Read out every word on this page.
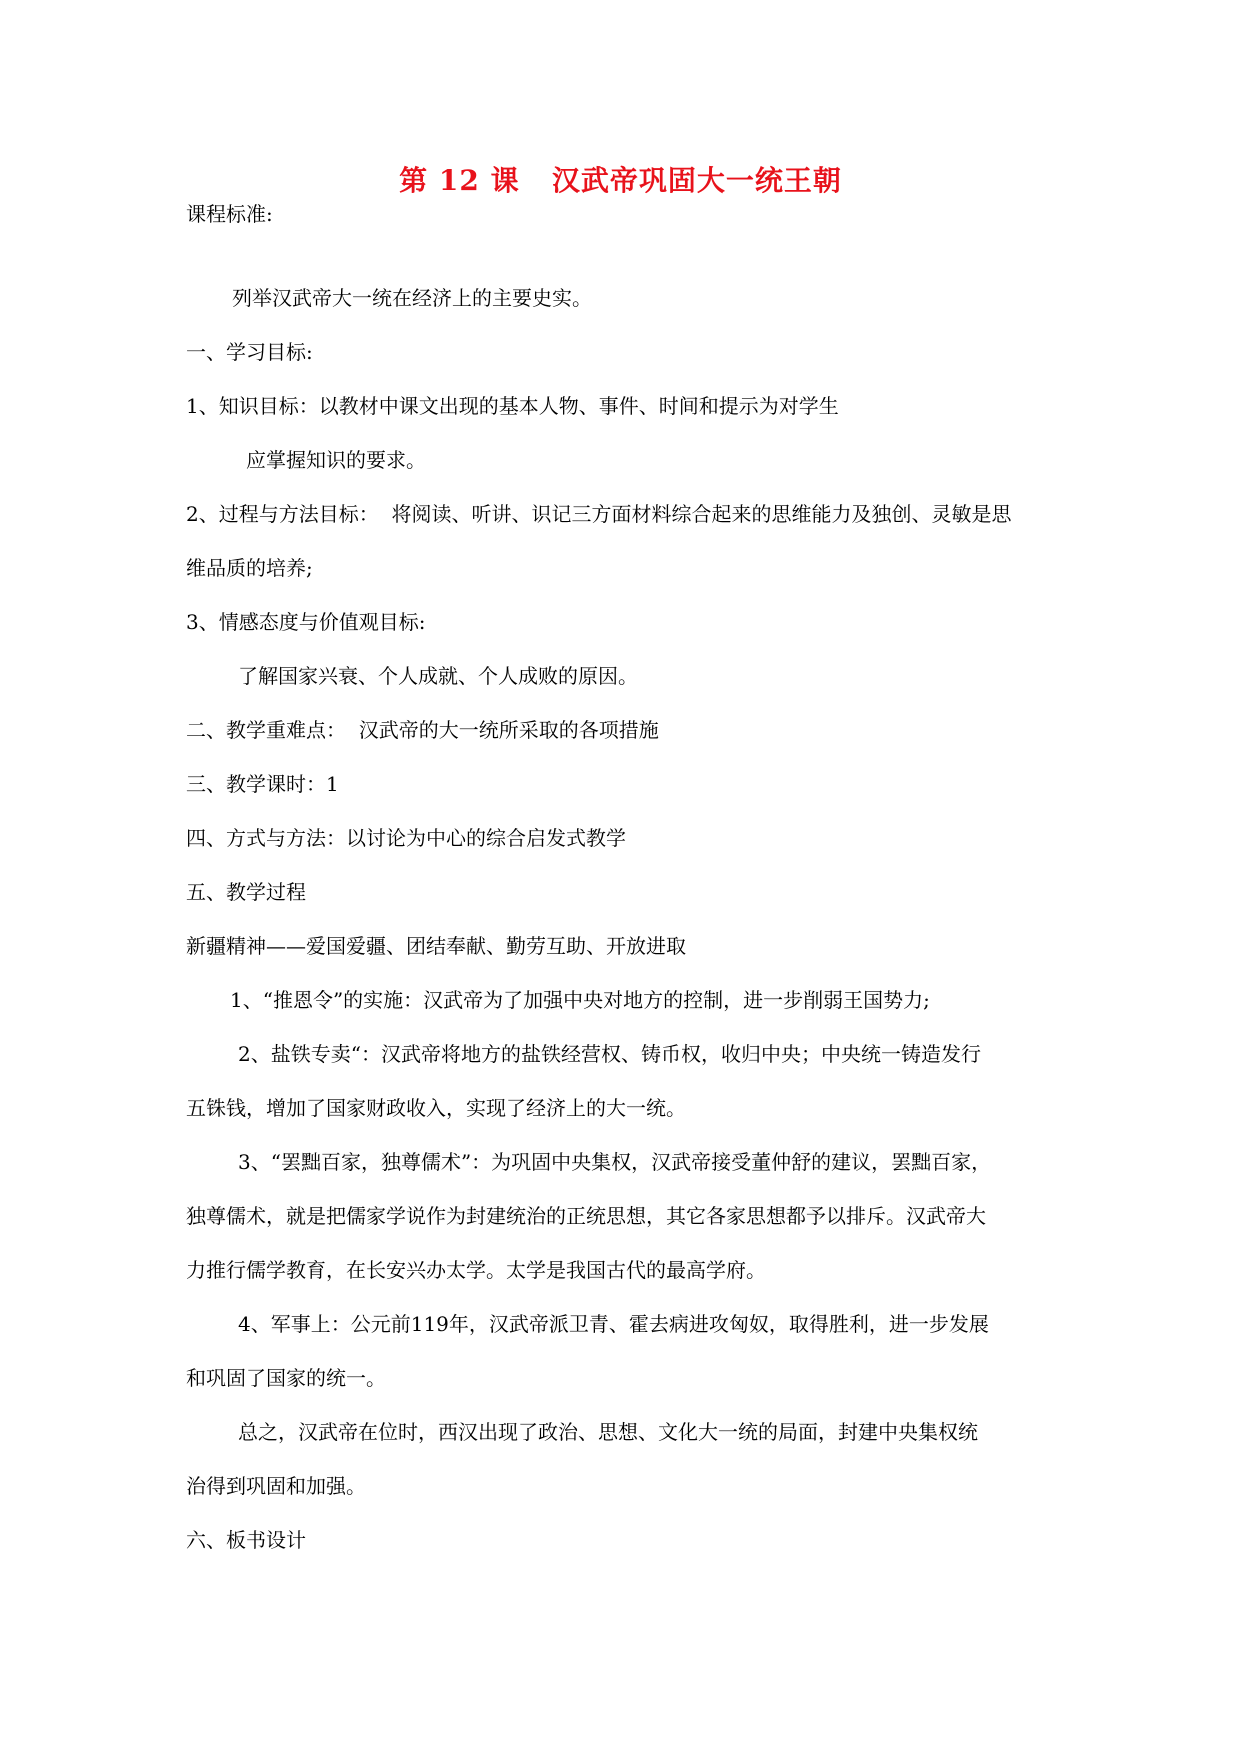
第 12 课   汉武帝巩固大一统王朝
课程标准:
列举汉武帝大一统在经济上的主要史实。
一、学习目标:
1、知识目标：以教材中课文出现的基本人物、事件、时间和提示为对学生
应掌握知识的要求。
2、过程与方法目标：  将阅读、听讲、识记三方面材料综合起来的思维能力及独创、灵敏是思
维品质的培养;
3、情感态度与价值观目标:
了解国家兴衰、个人成就、个人成败的原因。
二、教学重难点：  汉武帝的大一统所采取的各项措施
三、教学课时：1
四、方式与方法：以讨论为中心的综合启发式教学
五、教学过程
新疆精神——爱国爱疆、团结奉献、勤劳互助、开放进取
1、“推恩令”的实施：汉武帝为了加强中央对地方的控制，进一步削弱王国势力;
2、盐铁专卖“：汉武帝将地方的盐铁经营权、铸币权，收归中央；中央统一铸造发行
五铢钱，增加了国家财政收入，实现了经济上的大一统。
3、“罢黜百家，独尊儒术”：为巩固中央集权，汉武帝接受董仲舒的建议，罢黜百家，
独尊儒术，就是把儒家学说作为封建统治的正统思想，其它各家思想都予以排斥。汉武帝大
力推行儒学教育，在长安兴办太学。太学是我国古代的最高学府。
4、军事上：公元前119年，汉武帝派卫青、霍去病进攻匈奴，取得胜利，进一步发展
和巩固了国家的统一。
总之，汉武帝在位时，西汉出现了政治、思想、文化大一统的局面，封建中央集权统
治得到巩固和加强。
六、板书设计
